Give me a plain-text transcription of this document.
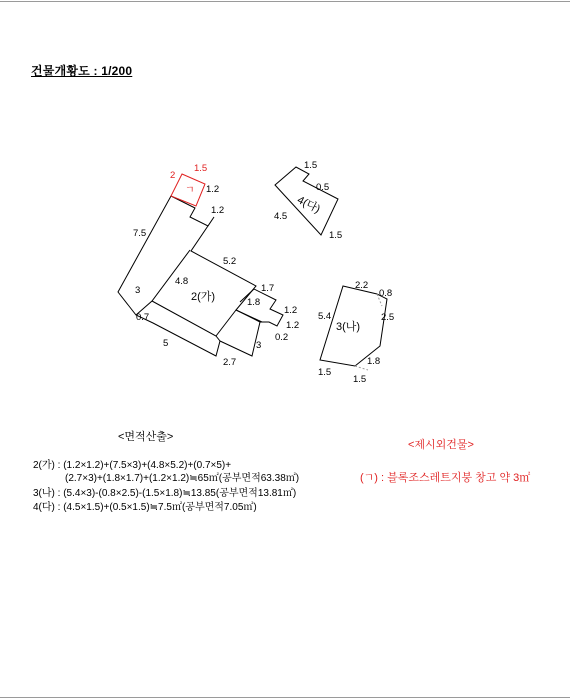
건물개황도 : 1/200
7.5
3
0.7
5
2.7
3
0.2
1.2
1.2
1.7
1.8
5.2
4.8
1.2
1.2
1.5
0.5
4.5
1.5
2.2
0.8
5.4	2.5
1.8
1.5
1.5
2(가)
3(나)
4(다)
ㄱ
2
1.5
<면적산출>
2(가) : (1.2×1.2)+(7.5×3)+(4.8×5.2)+(0.7×5)+
(2.7×3)+(1.8×1.7)+(1.2×1.2)≒65㎡(공부면적63.38㎡)
3(나) : (5.4×3)-(0.8×2.5)-(1.5×1.8)≒13.85(공부면적13.81㎡)
4(다) : (4.5×1.5)+(0.5×1.5)≒7.5㎡(공부면적7.05㎡)
<제시외건물>
(ㄱ) : 블록조스레트지붕 창고 약 3㎡
